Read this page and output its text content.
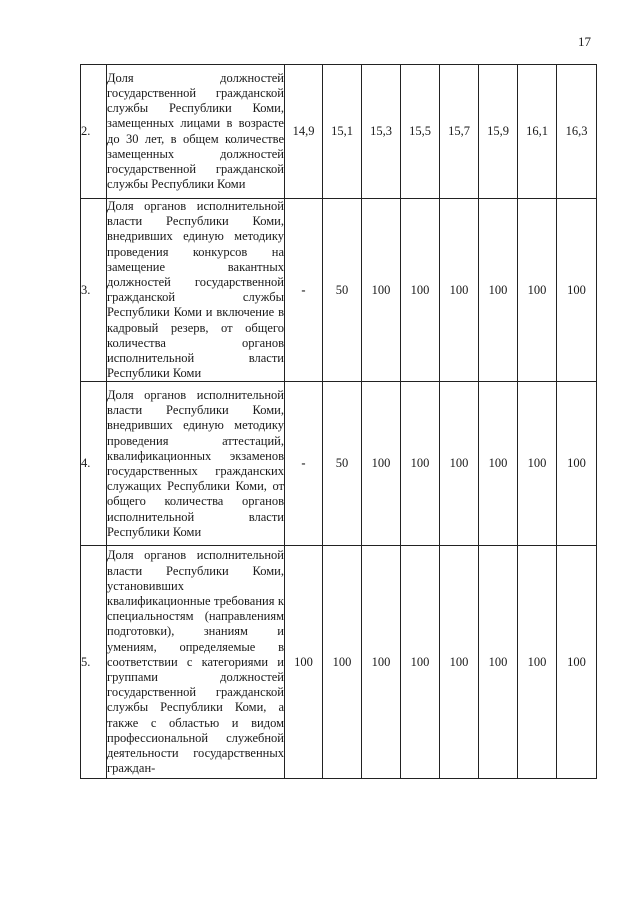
17
2.	Доля должностей государственной гражданской службы Республики Коми, замещенных лицами в возрасте до 30 лет, в общем количестве замещенных должностей государственной гражданской службы Республики Коми	14,9	15,1	15,3	15,5	15,7	15,9	16,1	16,3
3.	Доля органов исполнительной власти Республики Коми, внедривших единую методику проведения конкурсов на замещение вакантных должностей государственной гражданской службы Республики Коми и включение в кадровый резерв, от общего количества органов исполнительной власти Республики Коми	-	50	100	100	100	100	100	100
4.	Доля органов исполнительной власти Республики Коми, внедривших единую методику проведения аттестаций, квалификационных экзаменов государственных гражданских служащих Республики Коми, от общего количества органов исполнительной власти Республики Коми	-	50	100	100	100	100	100	100
5.	Доля органов исполнительной власти Республики Коми, установивших квалификационные требования к специальностям (направлениям подготовки), знаниям и умениям, определяемые в соответствии с категориями и группами должностей государственной гражданской службы Республики Коми, а также с областью и видом профессиональной служебной деятельности государственных граждан-	100	100	100	100	100	100	100	100
